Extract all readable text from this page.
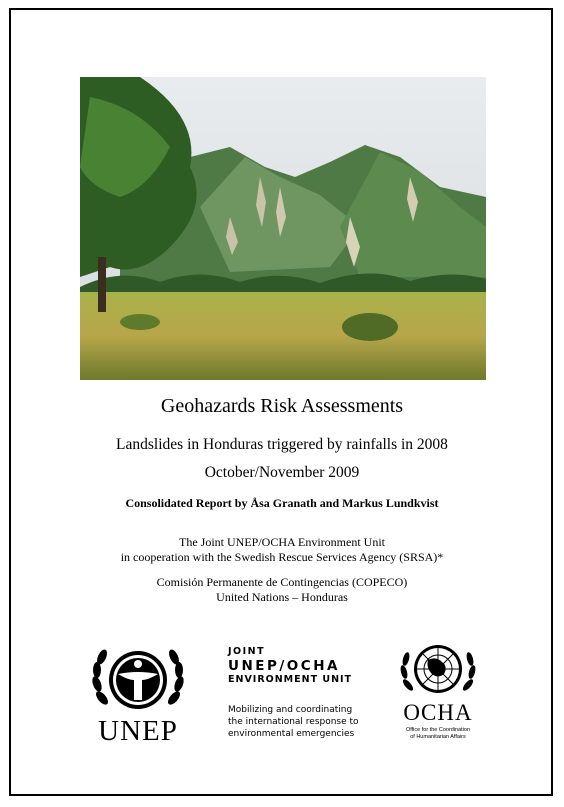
Geohazards Risk Assessments
Landslides in Honduras triggered by rainfalls in 2008
October/November 2009
Consolidated Report by Åsa Granath and Markus Lundkvist
The Joint UNEP/OCHA Environment Unit
in cooperation with the Swedish Rescue Services Agency (SRSA)*
Comisión Permanente de Contingencias (COPECO)
United Nations – Honduras
UNEP
JOINT
UNEP/OCHA
ENVIRONMENT UNIT
Mobilizing and coordinating
the international response to
environmental emergencies
OCHA
Office for the Coordination
of Humanitarian Affairs
